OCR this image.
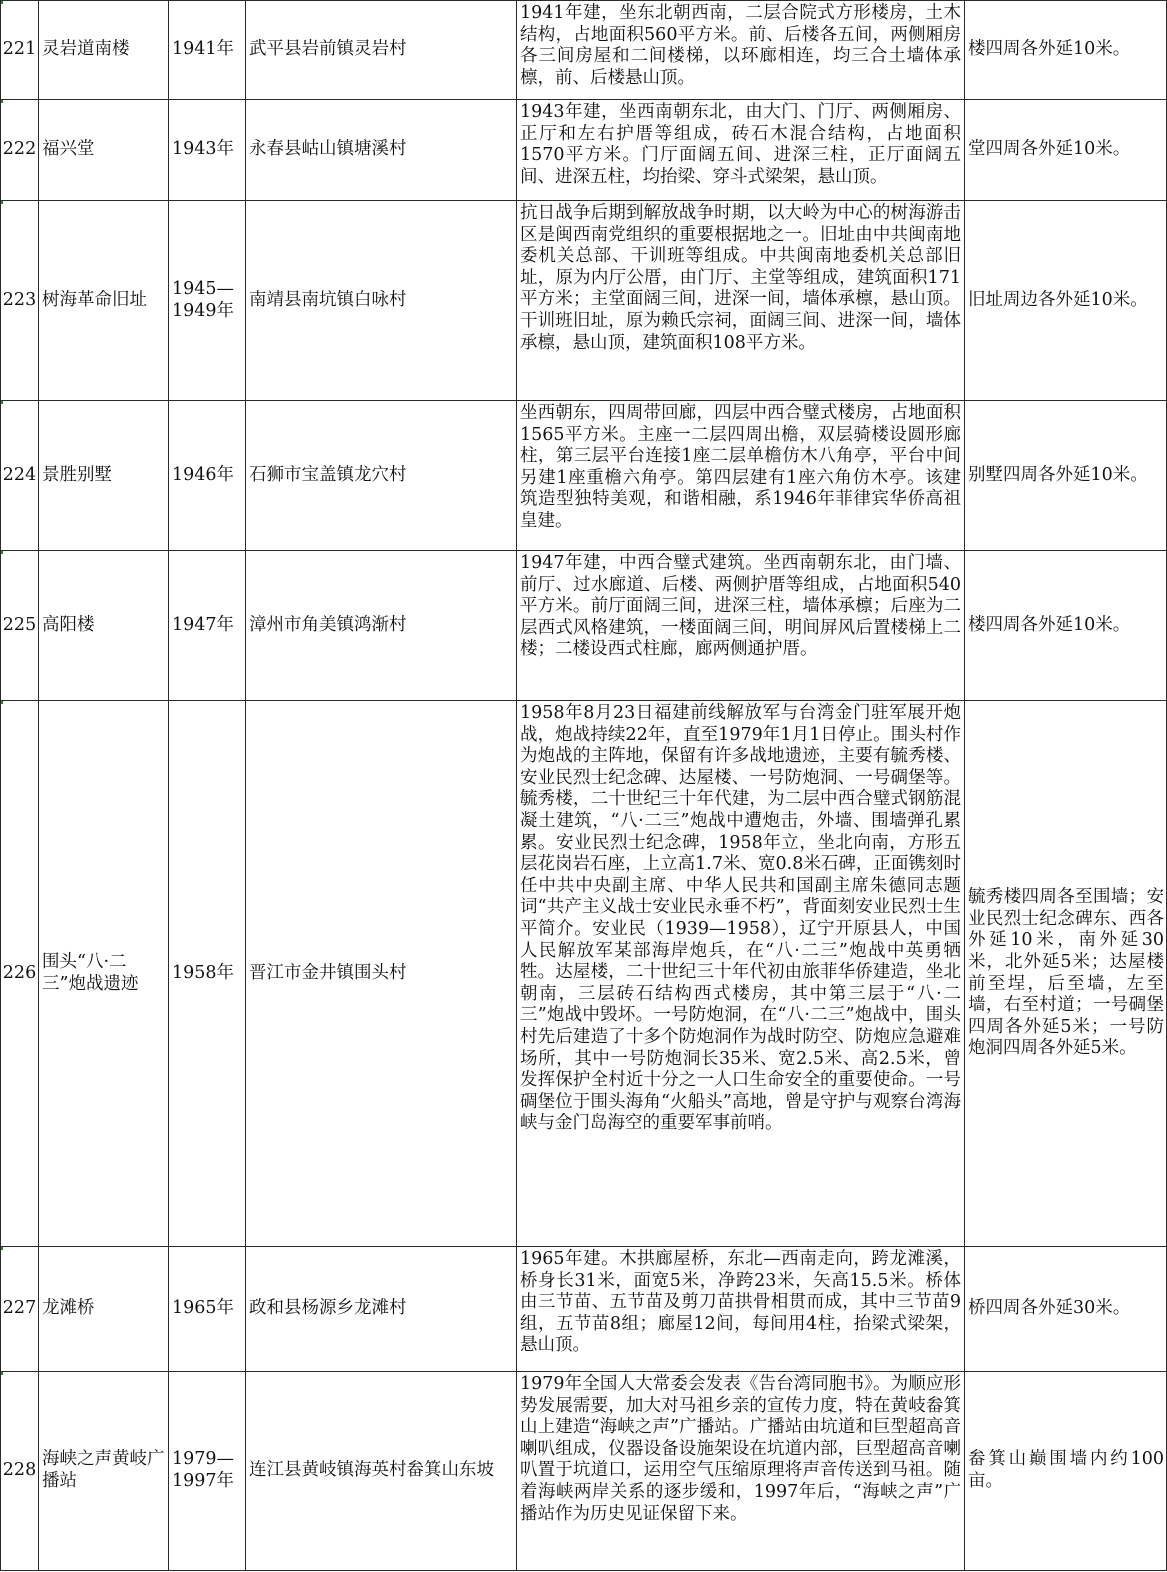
221	灵岩道南楼	1941年	武平县岩前镇灵岩村	1941年建，坐东北朝西南，二层合院式方形楼房，土木结构，占地面积560平方米。前、后楼各五间，两侧厢房各三间房屋和二间楼梯，以环廊相连，均三合土墙体承檩，前、后楼悬山顶。	楼四周各外延10米。
222	福兴堂	1943年	永春县岵山镇塘溪村	1943年建，坐西南朝东北，由大门、门厅、两侧厢房、正厅和左右护厝等组成，砖石木混合结构，占地面积1570平方米。门厅面阔五间、进深三柱，正厅面阔五间、进深五柱，均抬梁、穿斗式梁架，悬山顶。	堂四周各外延10米。
223	树海革命旧址	1945—1949年	南靖县南坑镇白咏村	抗日战争后期到解放战争时期，以大岭为中心的树海游击区是闽西南党组织的重要根据地之一。旧址由中共闽南地委机关总部、干训班等组成。中共闽南地委机关总部旧址，原为内厅公厝，由门厅、主堂等组成，建筑面积171平方米；主堂面阔三间，进深一间，墙体承檩，悬山顶。干训班旧址，原为赖氏宗祠，面阔三间、进深一间，墙体承檩，悬山顶，建筑面积108平方米。	旧址周边各外延10米。
224	景胜别墅	1946年	石狮市宝盖镇龙穴村	坐西朝东，四周带回廊，四层中西合璧式楼房，占地面积1565平方米。主座一二层四周出檐，双层骑楼设圆形廊柱，第三层平台连接1座二层单檐仿木八角亭，平台中间另建1座重檐六角亭。第四层建有1座六角仿木亭。该建筑造型独特美观，和谐相融，系1946年菲律宾华侨高祖皇建。	别墅四周各外延10米。
225	高阳楼	1947年	漳州市角美镇鸿渐村	1947年建，中西合璧式建筑。坐西南朝东北，由门墙、前厅、过水廊道、后楼、两侧护厝等组成，占地面积540平方米。前厅面阔三间，进深三柱，墙体承檩；后座为二层西式风格建筑，一楼面阔三间，明间屏风后置楼梯上二楼；二楼设西式柱廊，廊两侧通护厝。	楼四周各外延10米。
226	围头“八·二三”炮战遗迹	1958年	晋江市金井镇围头村	1958年8月23日福建前线解放军与台湾金门驻军展开炮战，炮战持续22年，直至1979年1月1日停止。围头村作为炮战的主阵地，保留有许多战地遗迹，主要有毓秀楼、安业民烈士纪念碑、达屋楼、一号防炮洞、一号碉堡等。毓秀楼，二十世纪三十年代建，为二层中西合璧式钢筋混凝土建筑，“八·二三”炮战中遭炮击，外墙、围墙弹孔累累。安业民烈士纪念碑，1958年立，坐北向南，方形五层花岗岩石座，上立高1.7米、宽0.8米石碑，正面镌刻时任中共中央副主席、中华人民共和国副主席朱德同志题词“共产主义战士安业民永垂不朽”，背面刻安业民烈士生平简介。安业民（1939—1958），辽宁开原县人，中国人民解放军某部海岸炮兵，在“八·二三”炮战中英勇牺牲。达屋楼，二十世纪三十年代初由旅菲华侨建造，坐北朝南，三层砖石结构西式楼房，其中第三层于“八·二三”炮战中毁坏。一号防炮洞，在“八·二三”炮战中，围头村先后建造了十多个防炮洞作为战时防空、防炮应急避难场所，其中一号防炮洞长35米、宽2.5米、高2.5米，曾发挥保护全村近十分之一人口生命安全的重要使命。一号碉堡位于围头海角“火船头”高地，曾是守护与观察台湾海峡与金门岛海空的重要军事前哨。	毓秀楼四周各至围墙；安业民烈士纪念碑东、西各外延10米，南外延30米，北外延5米；达屋楼前至埕，后至墙，左至墙，右至村道；一号碉堡四周各外延5米；一号防炮洞四周各外延5米。
227	龙滩桥	1965年	政和县杨源乡龙滩村	1965年建。木拱廊屋桥，东北—西南走向，跨龙滩溪，桥身长31米，面宽5米，净跨23米，矢高15.5米。桥体由三节苗、五节苗及剪刀苗拱骨相贯而成，其中三节苗9组，五节苗8组；廊屋12间，每间用4柱，抬梁式梁架，悬山顶。	桥四周各外延30米。
228	海峡之声黄岐广播站	1979—1997年	连江县黄岐镇海英村畚箕山东坡	1979年全国人大常委会发表《告台湾同胞书》。为顺应形势发展需要，加大对马祖乡亲的宣传力度，特在黄岐畚箕山上建造“海峡之声”广播站。广播站由坑道和巨型超高音喇叭组成，仪器设备设施架设在坑道内部，巨型超高音喇叭置于坑道口，运用空气压缩原理将声音传送到马祖。随着海峡两岸关系的逐步缓和，1997年后，“海峡之声”广播站作为历史见证保留下来。	畚箕山巅围墙内约100亩。
